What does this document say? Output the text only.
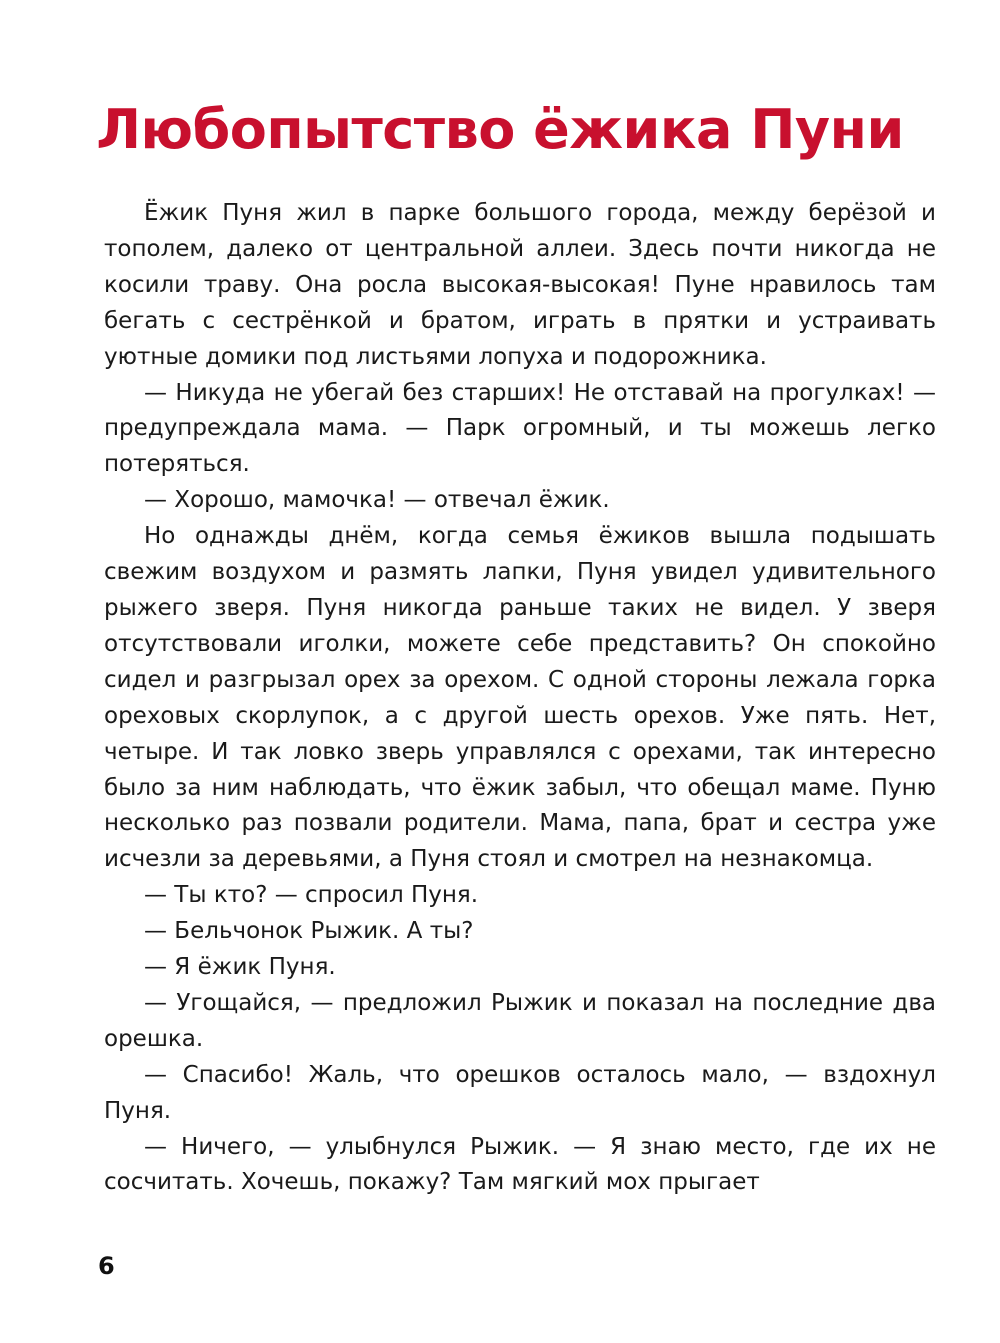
Любопытство ёжика Пуни

Ёжик Пуня жил в парке большого города, между берёзой и тополем, далеко от центральной аллеи. Здесь почти никогда не косили траву. Она росла высокая-высокая! Пуне нравилось там бегать с сестрёнкой и братом, играть в прятки и устраивать уютные домики под листьями лопуха и подорожника.

— Никуда не убегай без старших! Не отставай на прогулках! — предупреждала мама. — Парк огромный, и ты можешь легко потеряться.

— Хорошо, мамочка! — отвечал ёжик.

Но однажды днём, когда семья ёжиков вышла подышать свежим воздухом и размять лапки, Пуня увидел удивительного рыжего зверя. Пуня никогда раньше таких не видел. У зверя отсутствовали иголки, можете себе представить? Он спокойно сидел и разгрызал орех за орехом. С одной стороны лежала горка ореховых скорлупок, а с другой шесть орехов. Уже пять. Нет, четыре. И так ловко зверь управлялся с орехами, так интересно было за ним наблюдать, что ёжик забыл, что обещал маме. Пуню несколько раз позвали родители. Мама, папа, брат и сестра уже исчезли за деревьями, а Пуня стоял и смотрел на незнакомца.

— Ты кто? — спросил Пуня.

— Бельчонок Рыжик. А ты?

— Я ёжик Пуня.

— Угощайся, — предложил Рыжик и показал на последние два орешка.

— Спасибо! Жаль, что орешков осталось мало, — вздохнул Пуня.

— Ничего, — улыбнулся Рыжик. — Я знаю место, где их не сосчитать. Хочешь, покажу? Там мягкий мох прыгает

6
